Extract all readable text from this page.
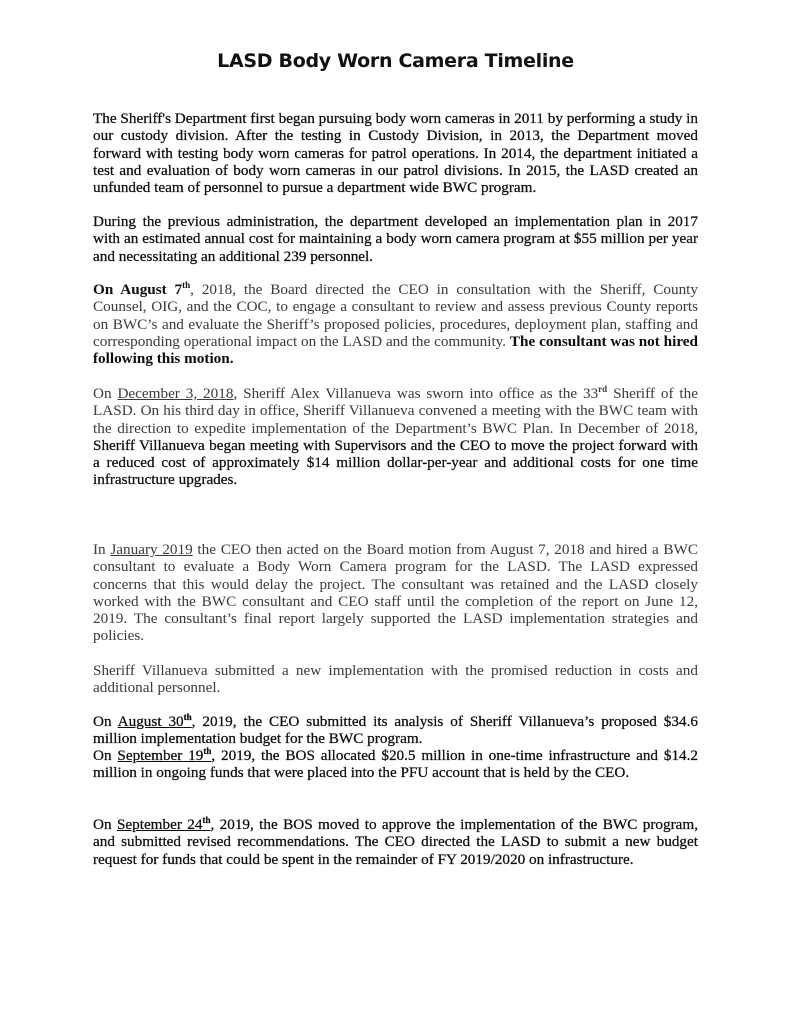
LASD Body Worn Camera Timeline
The Sheriff's Department first began pursuing body worn cameras in 2011 by performing a study in our custody division. After the testing in Custody Division, in 2013, the Department moved forward with testing body worn cameras for patrol operations. In 2014, the department initiated a test and evaluation of body worn cameras in our patrol divisions. In 2015, the LASD created an unfunded team of personnel to pursue a department wide BWC program.
During the previous administration, the department developed an implementation plan in 2017 with an estimated annual cost for maintaining a body worn camera program at $55 million per year and necessitating an additional 239 personnel.
On August 7th, 2018, the Board directed the CEO in consultation with the Sheriff, County Counsel, OIG, and the COC, to engage a consultant to review and assess previous County reports on BWC’s and evaluate the Sheriff’s proposed policies, procedures, deployment plan, staffing and corresponding operational impact on the LASD and the community. The consultant was not hired following this motion.
On December 3, 2018, Sheriff Alex Villanueva was sworn into office as the 33rd Sheriff of the LASD. On his third day in office, Sheriff Villanueva convened a meeting with the BWC team with the direction to expedite implementation of the Department’s BWC Plan. In December of 2018, Sheriff Villanueva began meeting with Supervisors and the CEO to move the project forward with a reduced cost of approximately $14 million dollar-per-year and additional costs for one time infrastructure upgrades.
In January 2019 the CEO then acted on the Board motion from August 7, 2018 and hired a BWC consultant to evaluate a Body Worn Camera program for the LASD. The LASD expressed concerns that this would delay the project. The consultant was retained and the LASD closely worked with the BWC consultant and CEO staff until the completion of the report on June 12, 2019. The consultant’s final report largely supported the LASD implementation strategies and policies.
Sheriff Villanueva submitted a new implementation with the promised reduction in costs and additional personnel.
On August 30th, 2019, the CEO submitted its analysis of Sheriff Villanueva’s proposed $34.6 million implementation budget for the BWC program.
On September 19th, 2019, the BOS allocated $20.5 million in one-time infrastructure and $14.2 million in ongoing funds that were placed into the PFU account that is held by the CEO.
On September 24th, 2019, the BOS moved to approve the implementation of the BWC program, and submitted revised recommendations. The CEO directed the LASD to submit a new budget request for funds that could be spent in the remainder of FY 2019/2020 on infrastructure.
